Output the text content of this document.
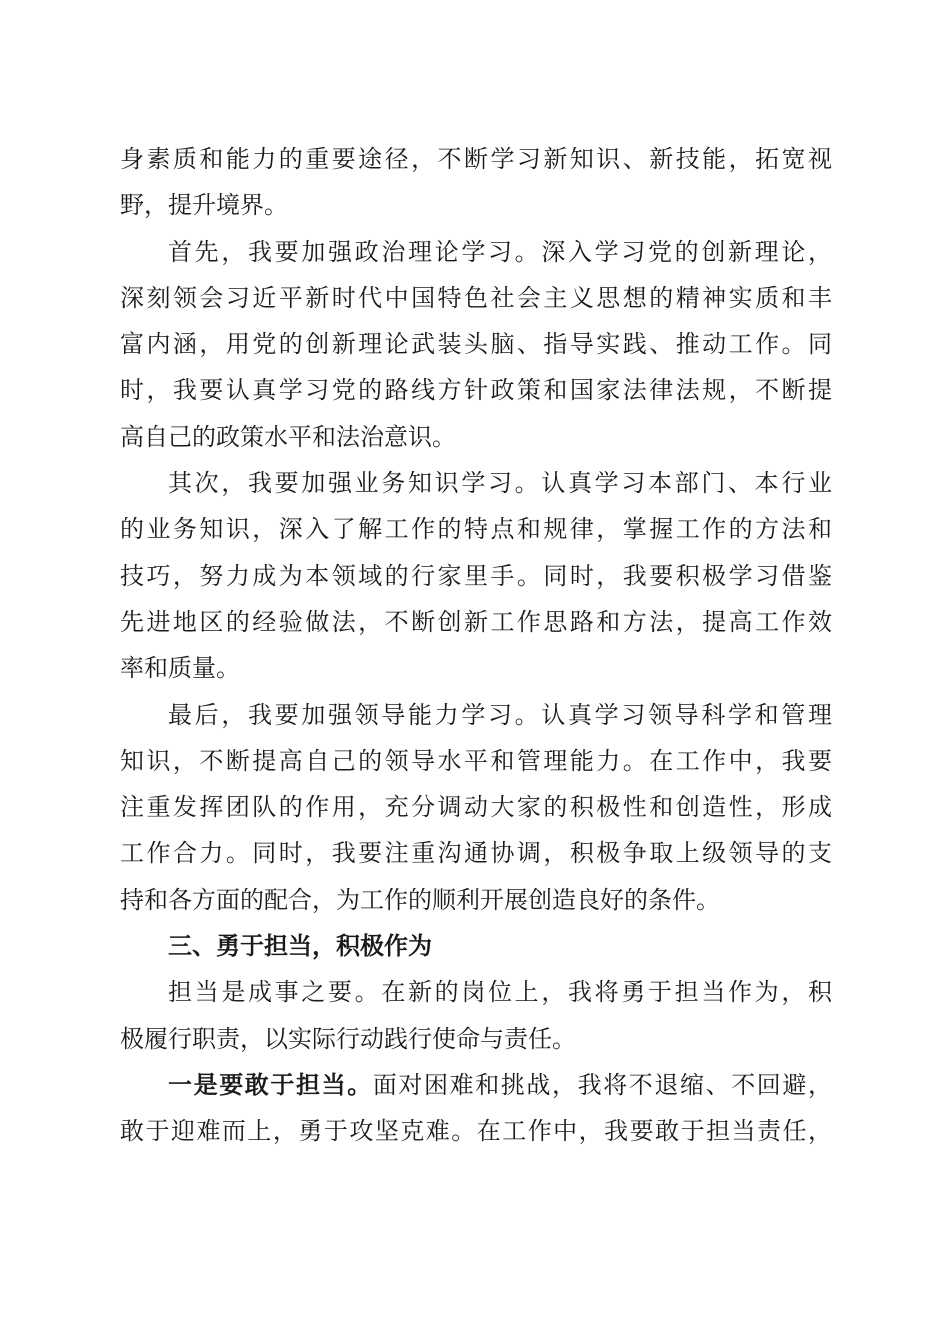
身素质和能力的重要途径，不断学习新知识、新技能，拓宽视
野，提升境界。
首先，我要加强政治理论学习。深入学习党的创新理论，
深刻领会习近平新时代中国特色社会主义思想的精神实质和丰
富内涵，用党的创新理论武装头脑、指导实践、推动工作。同
时，我要认真学习党的路线方针政策和国家法律法规，不断提
高自己的政策水平和法治意识。
其次，我要加强业务知识学习。认真学习本部门、本行业
的业务知识，深入了解工作的特点和规律，掌握工作的方法和
技巧，努力成为本领域的行家里手。同时，我要积极学习借鉴
先进地区的经验做法，不断创新工作思路和方法，提高工作效
率和质量。
最后，我要加强领导能力学习。认真学习领导科学和管理
知识，不断提高自己的领导水平和管理能力。在工作中，我要
注重发挥团队的作用，充分调动大家的积极性和创造性，形成
工作合力。同时，我要注重沟通协调，积极争取上级领导的支
持和各方面的配合，为工作的顺利开展创造良好的条件。
三、勇于担当，积极作为
担当是成事之要。在新的岗位上，我将勇于担当作为，积
极履行职责，以实际行动践行使命与责任。
一是要敢于担当。面对困难和挑战，我将不退缩、不回避，
敢于迎难而上，勇于攻坚克难。在工作中，我要敢于担当责任，
